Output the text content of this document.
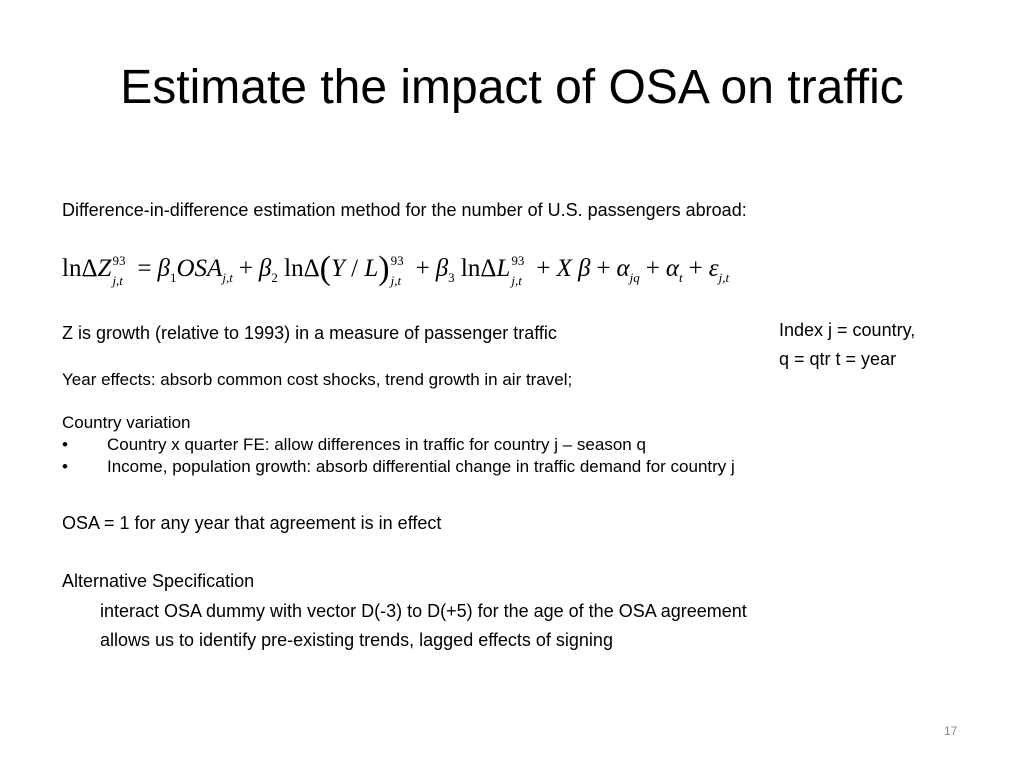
Estimate the impact of OSA on traffic
Difference-in-difference estimation method for the number of U.S. passengers abroad:
lnΔZ 93
$j,t = \beta_1OSA_{j,t} + \beta_2$ lnΔ(Y / L) 93
$j,t + \beta_3$ lnΔL 93
j,t + X $\beta + \alpha_{jq} + \alpha_t + \varepsilon_{j,t}$
Z is growth (relative to 1993) in a measure of passenger traffic	Index j = country,
q = qtr t = year
Year effects: absorb common cost shocks, trend growth in air travel;
Country variation
• Country x quarter FE: allow differences in traffic for country j – season q
• Income, population growth: absorb differential change in traffic demand for country j
OSA = 1 for any year that agreement is in effect
Alternative Specification
interact OSA dummy with vector D(-3) to D(+5) for the age of the OSA agreement
allows us to identify pre-existing trends, lagged effects of signing
17
